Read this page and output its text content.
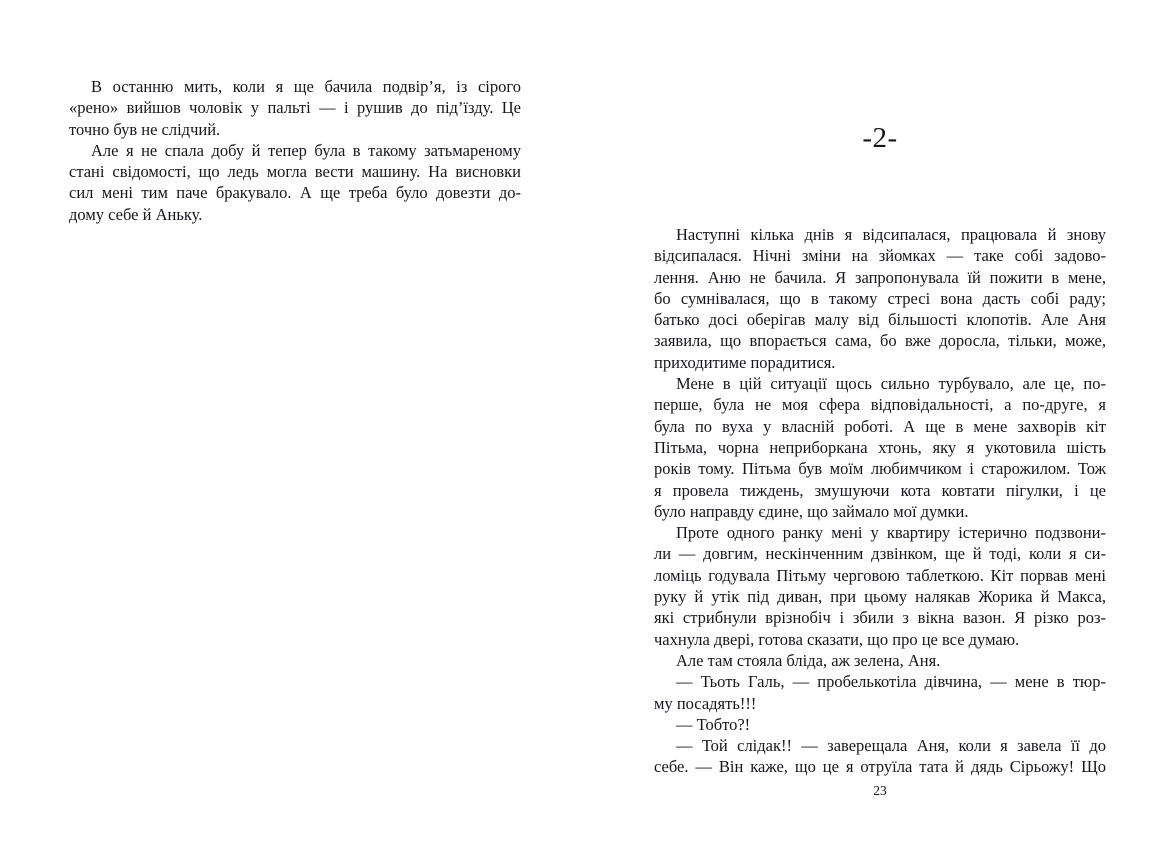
В останню мить, коли я ще бачила подвір’я, із сірого
«рено» вийшов чоловік у пальті — і рушив до під’їзду. Це
точно був не слідчий.
Але я не спала добу й тепер була в такому затьмареному
стані свідомості, що ледь могла вести машину. На висновки
сил мені тим паче бракувало. А ще треба було довезти до-
дому себе й Аньку.
-2-
Наступні кілька днів я відсипалася, працювала й знову
відсипалася. Нічні зміни на зйомках — таке собі задово-
лення. Аню не бачила. Я запропонувала їй пожити в мене,
бо сумнівалася, що в такому стресі вона дасть собі раду;
батько досі оберігав малу від більшості клопотів. Але Аня
заявила, що впорається сама, бо вже доросла, тільки, може,
приходитиме порадитися.
Мене в цій ситуації щось сильно турбувало, але це, по-
перше, була не моя сфера відповідальності, а по-друге, я
була по вуха у власній роботі. А ще в мене захворів кіт
Пітьма, чорна неприборкана хтонь, яку я укотовила шість
років тому. Пітьма був моїм любимчиком і старожилом. Тож
я провела тиждень, змушуючи кота ковтати пігулки, і це
було направду єдине, що займало мої думки.
Проте одного ранку мені у квартиру істерично подзвони-
ли — довгим, нескінченним дзвінком, ще й тоді, коли я си-
ломіць годувала Пітьму черговою таблеткою. Кіт порвав мені
руку й утік під диван, при цьому налякав Жорика й Макса,
які стрибнули врізнобіч і збили з вікна вазон. Я різко роз-
чахнула двері, готова сказати, що про це все думаю.
Але там стояла бліда, аж зелена, Аня.
— Тьоть Галь, — пробелькотіла дівчина, — мене в тюр-
му посадять!!!
— Тобто?!
— Той слідак!! — заверещала Аня, коли я завела її до
себе. — Він каже, що це я отруїла тата й дядь Сірьожу! Що
23
